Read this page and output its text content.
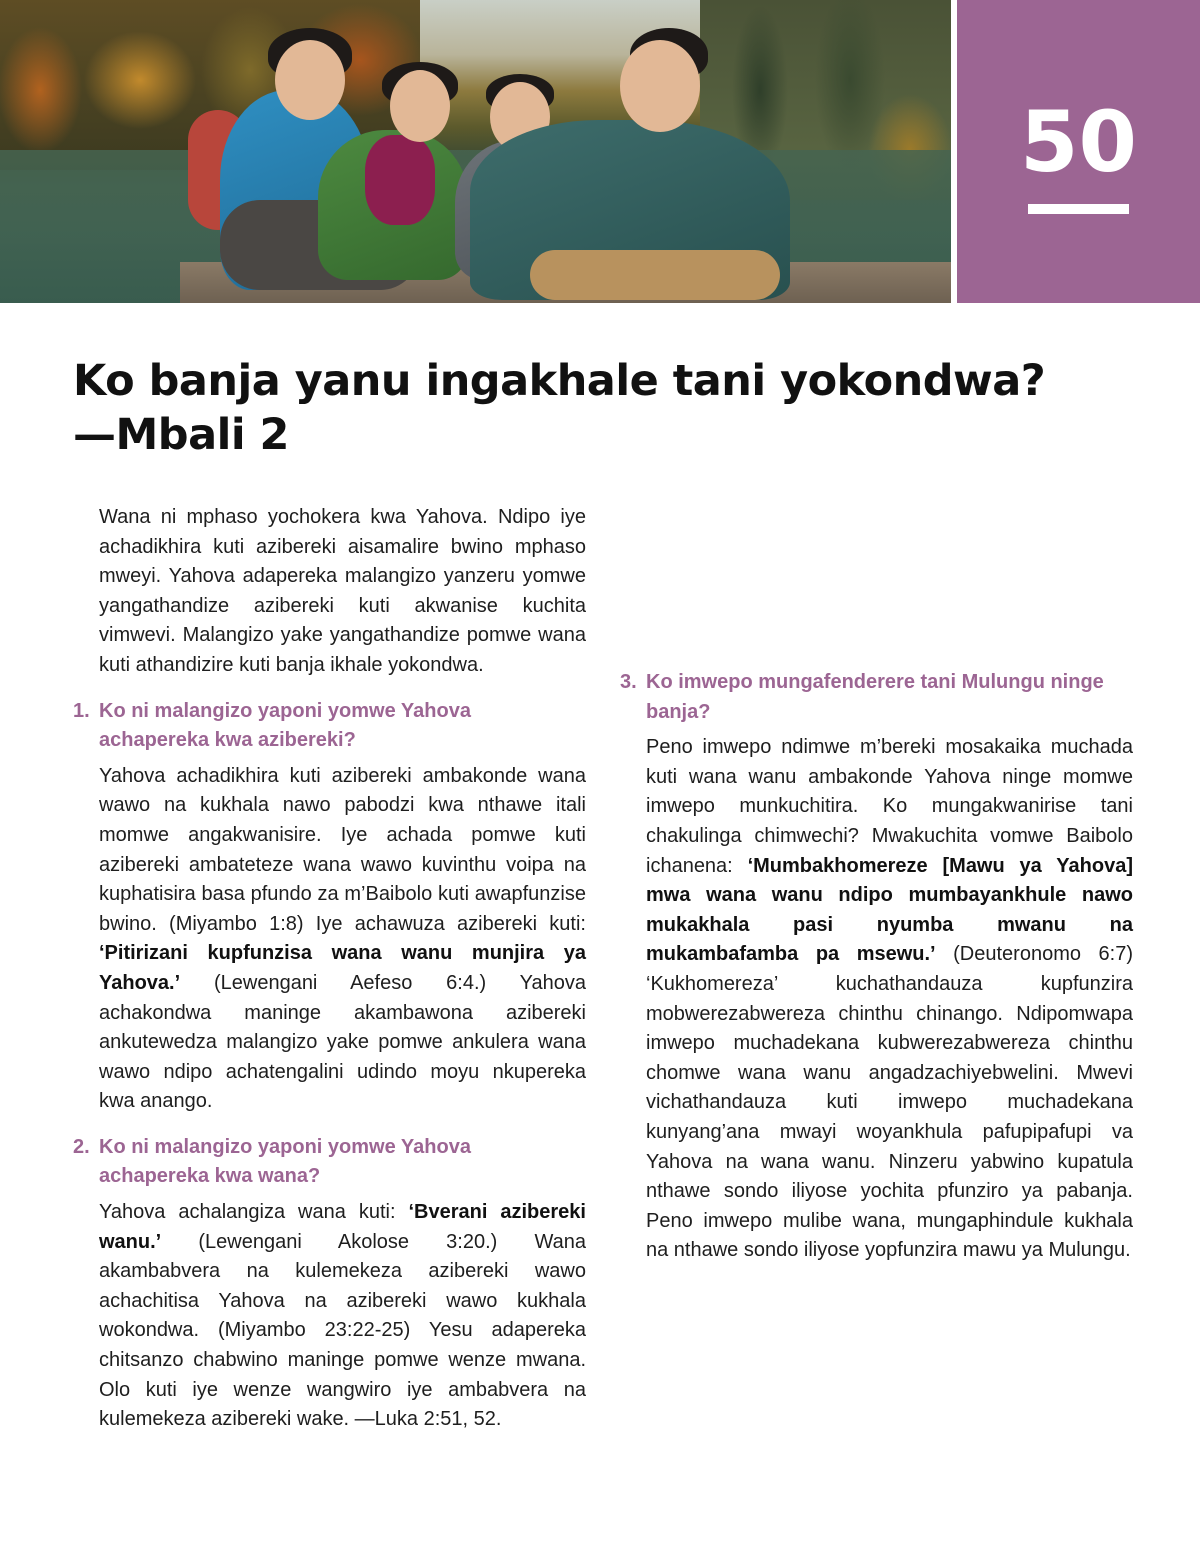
50
Ko banja yanu ingakhale tani yokondwa?
—Mbali 2

Wana ni mphaso yochokera kwa Yahova. Ndipo iye achadikhira kuti azibereki aisamalire bwino mphaso mweyi. Yahova adapereka malangizo yanzeru yomwe yangathandize azibereki kuti akwanise kuchita vimwevi. Malangizo yake yangathandize pomwe wana kuti athandizire kuti banja ikhale yokondwa.

1. Ko ni malangizo yaponi yomwe Yahova achapereka kwa azibereki?

Yahova achadikhira kuti azibereki ambakonde wana wawo na kukhala nawo pabodzi kwa nthawe itali momwe angakwanisire. Iye achada pomwe kuti azibereki ambateteze wana wawo kuvinthu voipa na kuphatisira basa pfundo za m’Baibolo kuti awapfunzise bwino. (Miyambo 1:8) Iye achawuza azibereki kuti: ‘Pitirizani kupfunzisa wana wanu munjira ya Yahova.’ (Lewengani Aefeso 6:4.) Yahova achakondwa maninge akambawona azibereki ankutewedza malangizo yake pomwe ankulera wana wawo ndipo achatengalini udindo moyu nkupereka kwa anango.

2. Ko ni malangizo yaponi yomwe Yahova achapereka kwa wana?

Yahova achalangiza wana kuti: ‘Bverani azibereki wanu.’ (Lewengani Akolose 3:20.) Wana akambabvera na kulemekeza azibereki wawo achachitisa Yahova na azibereki wawo kukhala wokondwa. (Miyambo 23:22-25) Yesu adapereka chitsanzo chabwino maninge pomwe wenze mwana. Olo kuti iye wenze wangwiro iye ambabvera na kulemekeza azibereki wake. —Luka 2:51, 52.

3. Ko imwepo mungafenderere tani Mulungu ninge banja?

Peno imwepo ndimwe m’bereki mosakaika muchada kuti wana wanu ambakonde Yahova ninge momwe imwepo munkuchitira. Ko mungakwanirise tani chakulinga chimwechi? Mwakuchita vomwe Baibolo ichanena: ‘Mumbakhomereze [Mawu ya Yahova] mwa wana wanu ndipo mumbayankhule nawo mukakhala pasi nyumba mwanu na mukambafamba pa msewu.’ (Deuteronomo 6:7) ‘Kukhomereza’ kuchathandauza kupfunzira mobwerezabwereza chinthu chinango. Ndipomwapa imwepo muchadekana kubwerezabwereza chinthu chomwe wana wanu angadzachiyebwelini. Mwevi vichathandauza kuti imwepo muchadekana kunyang’ana mwayi woyankhula pafupipafupi va Yahova na wana wanu. Ninzeru yabwino kupatula nthawe sondo iliyose yochita pfunziro ya pabanja. Peno imwepo mulibe wana, mungaphindule kukhala na nthawe sondo iliyose yopfunzira mawu ya Mulungu.
